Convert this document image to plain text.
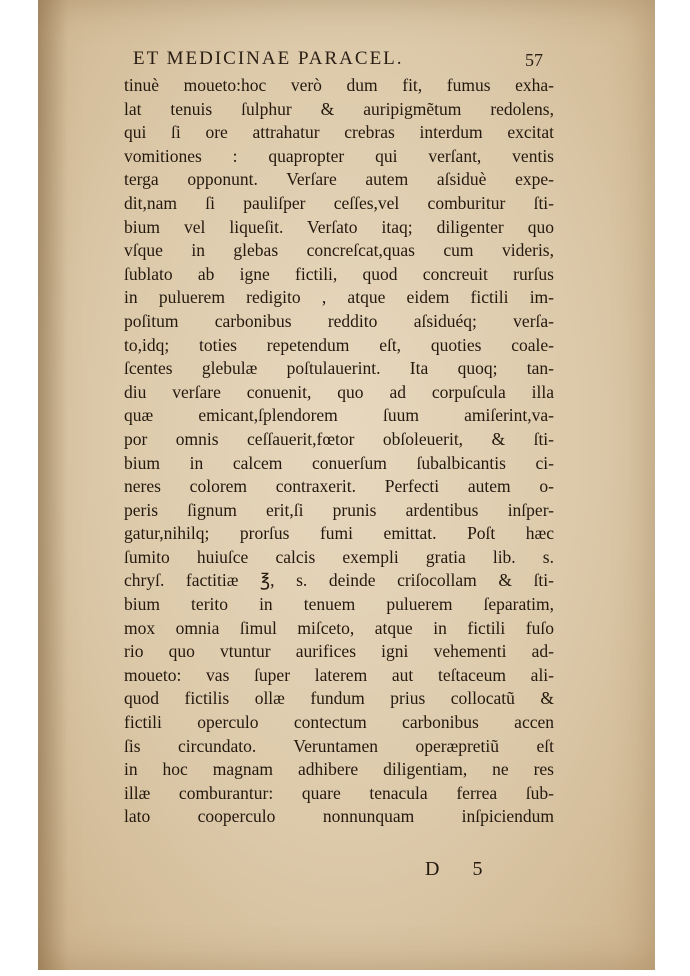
ET MEDICINAE PARACEL.	57
tinuè moueto:hoc verò dum fit, fumus exha-
lat tenuis ſulphur & auripigmẽtum redolens,
qui ſi ore attrahatur crebras interdum excitat
vomitiones : quapropter qui verſant, ventis
terga opponunt. Verſare autem aſsiduè expe-
dit,nam ſi pauliſper ceſſes,vel comburitur ſti-
bium vel liqueſit. Verſato itaq; diligenter quo
vſque in glebas concreſcat,quas cum videris,
ſublato ab igne fictili, quod concreuit rurſus
in puluerem redigito , atque eidem fictili im-
poſitum carbonibus reddito aſsiduéq; verſa-
to,idq; toties repetendum eſt, quoties coale-
ſcentes glebulæ poſtulauerint. Ita quoq; tan-
diu verſare conuenit, quo ad corpuſcula illa
quæ emicant,ſplendorem ſuum amiſerint,va-
por omnis ceſſauerit,fœtor obſoleuerit, & ſti-
bium in calcem conuerſum ſubalbicantis ci-
neres colorem contraxerit. Perfecti autem o-
peris ſignum erit,ſi prunis ardentibus inſper-
gatur,nihilq; prorſus fumi emittat. Poſt hæc
ſumito huiuſce calcis exempli gratia lib. s.
chryſ. factitiæ ℥, s. deinde criſocollam & ſti-
bium terito in tenuem puluerem ſeparatim,
mox omnia ſimul miſceto, atque in fictili fuſo
rio quo vtuntur aurifices igni vehementi ad-
moueto: vas ſuper laterem aut teſtaceum ali-
quod fictilis ollæ fundum prius collocatũ &
fictili operculo contectum carbonibus accen
ſis circundato. Veruntamen operæpretiũ eſt
in hoc magnam adhibere diligentiam, ne res
illæ comburantur: quare tenacula ferrea ſub-
lato cooperculo nonnunquam inſpiciendum
D 5
